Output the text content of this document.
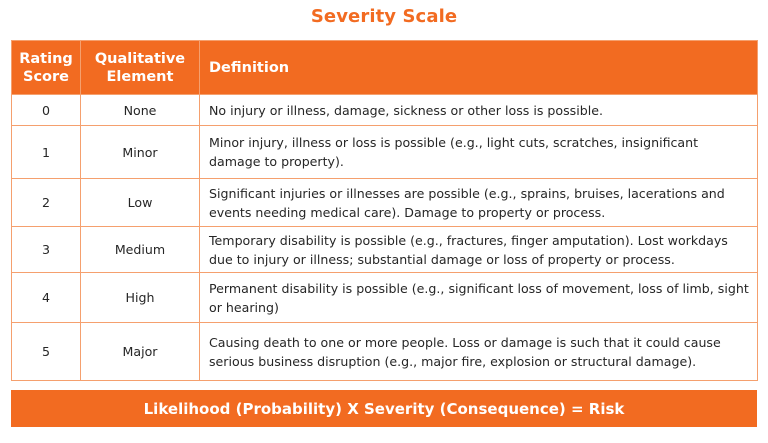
Severity Scale
Rating Score	Qualitative Element	Definition
0	None	No injury or illness, damage, sickness or other loss is possible.
1	Minor	Minor injury, illness or loss is possible (e.g., light cuts, scratches, insignificant damage to property).
2	Low	Significant injuries or illnesses are possible (e.g., sprains, bruises, lacerations and events needing medical care). Damage to property or process.
3	Medium	Temporary disability is possible (e.g., fractures, finger amputation). Lost workdays due to injury or illness; substantial damage or loss of property or process.
4	High	Permanent disability is possible (e.g., significant loss of movement, loss of limb, sight or hearing)
5	Major	Causing death to one or more people. Loss or damage is such that it could cause serious business disruption (e.g., major fire, explosion or structural damage).
Likelihood (Probability) X Severity (Consequence) = Risk
